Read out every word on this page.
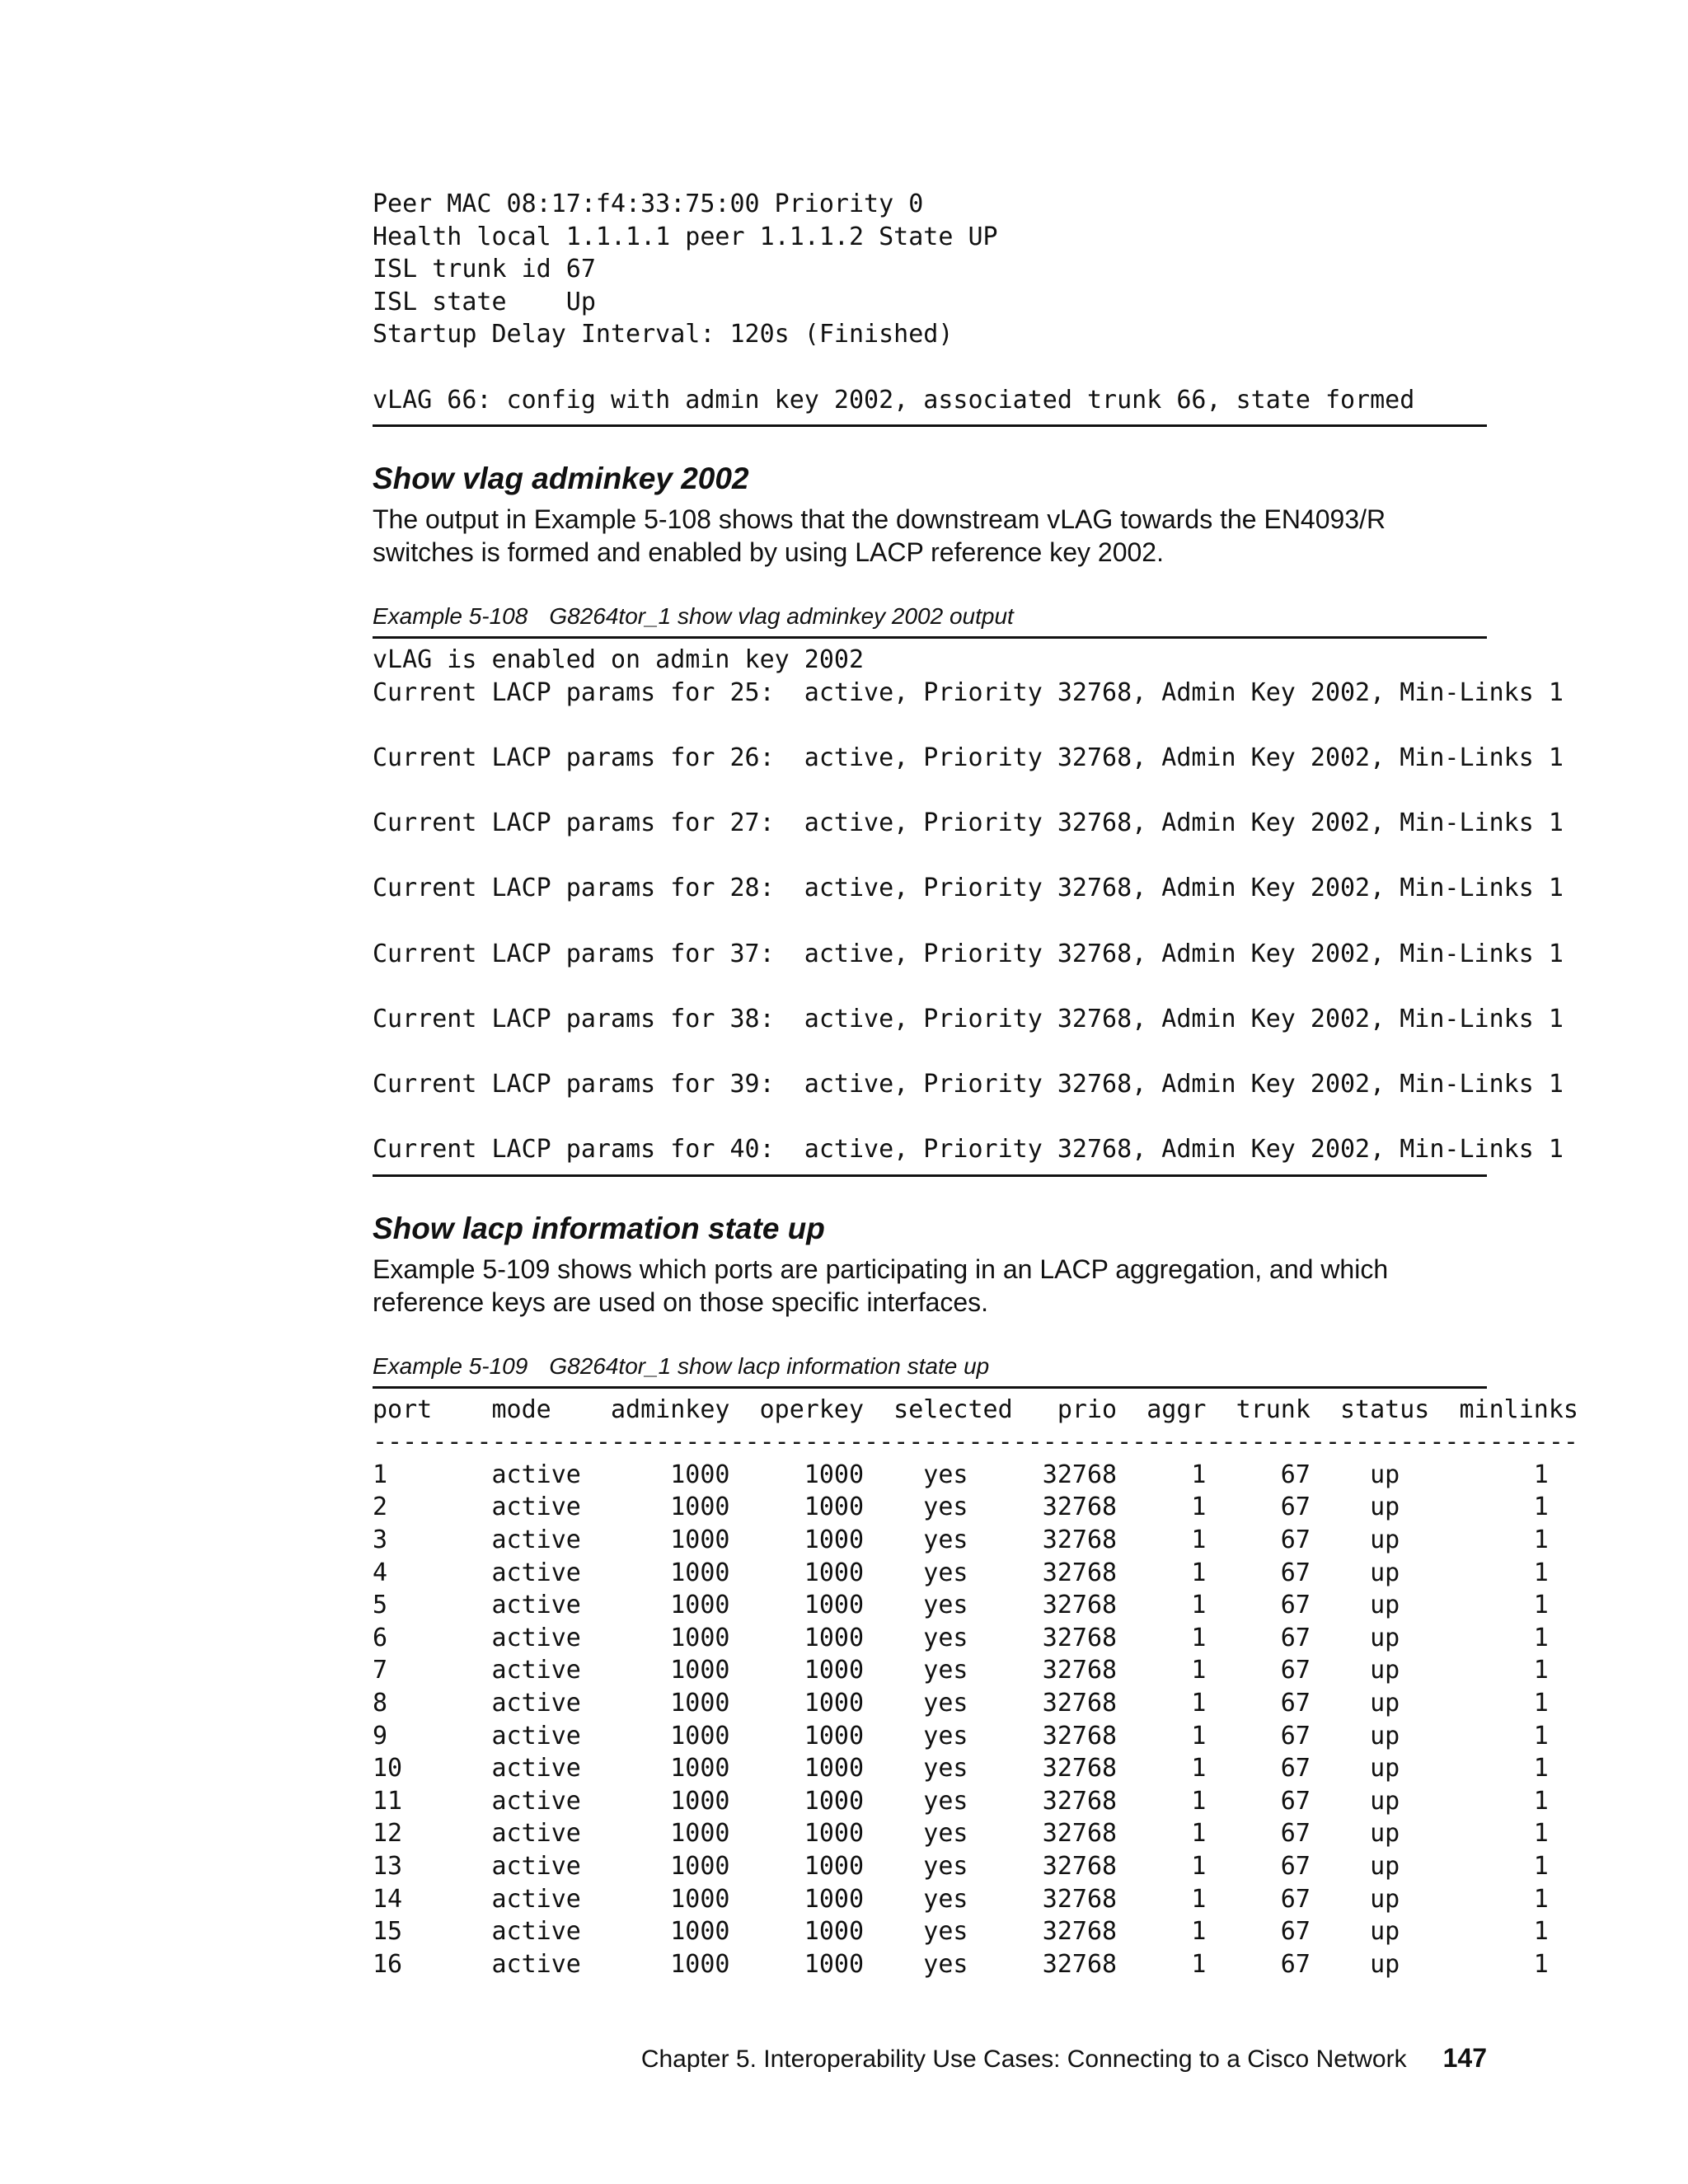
Peer MAC 08:17:f4:33:75:00 Priority 0
Health local 1.1.1.1 peer 1.1.1.2 State UP
ISL trunk id 67
ISL state    Up
Startup Delay Interval: 120s (Finished)

vLAG 66: config with admin key 2002, associated trunk 66, state formed
Show vlag adminkey 2002

The output in Example 5-108 shows that the downstream vLAG towards the EN4093/R
switches is formed and enabled by using LACP reference key 2002.

Example 5-108 G8264tor_1 show vlag adminkey 2002 output
vLAG is enabled on admin key 2002
Current LACP params for 25:  active, Priority 32768, Admin Key 2002, Min-Links 1

Current LACP params for 26:  active, Priority 32768, Admin Key 2002, Min-Links 1

Current LACP params for 27:  active, Priority 32768, Admin Key 2002, Min-Links 1

Current LACP params for 28:  active, Priority 32768, Admin Key 2002, Min-Links 1

Current LACP params for 37:  active, Priority 32768, Admin Key 2002, Min-Links 1

Current LACP params for 38:  active, Priority 32768, Admin Key 2002, Min-Links 1

Current LACP params for 39:  active, Priority 32768, Admin Key 2002, Min-Links 1

Current LACP params for 40:  active, Priority 32768, Admin Key 2002, Min-Links 1
Show lacp information state up

Example 5-109 shows which ports are participating in an LACP aggregation, and which
reference keys are used on those specific interfaces.

Example 5-109 G8264tor_1 show lacp information state up
port    mode    adminkey  operkey  selected   prio  aggr  trunk  status  minlinks
---------------------------------------------------------------------------------
1       active      1000     1000    yes     32768     1     67    up         1
2       active      1000     1000    yes     32768     1     67    up         1
3       active      1000     1000    yes     32768     1     67    up         1
4       active      1000     1000    yes     32768     1     67    up         1
5       active      1000     1000    yes     32768     1     67    up         1
6       active      1000     1000    yes     32768     1     67    up         1
7       active      1000     1000    yes     32768     1     67    up         1
8       active      1000     1000    yes     32768     1     67    up         1
9       active      1000     1000    yes     32768     1     67    up         1
10      active      1000     1000    yes     32768     1     67    up         1
11      active      1000     1000    yes     32768     1     67    up         1
12      active      1000     1000    yes     32768     1     67    up         1
13      active      1000     1000    yes     32768     1     67    up         1
14      active      1000     1000    yes     32768     1     67    up         1
15      active      1000     1000    yes     32768     1     67    up         1
16      active      1000     1000    yes     32768     1     67    up         1
Chapter 5. Interoperability Use Cases: Connecting to a Cisco Network 147
